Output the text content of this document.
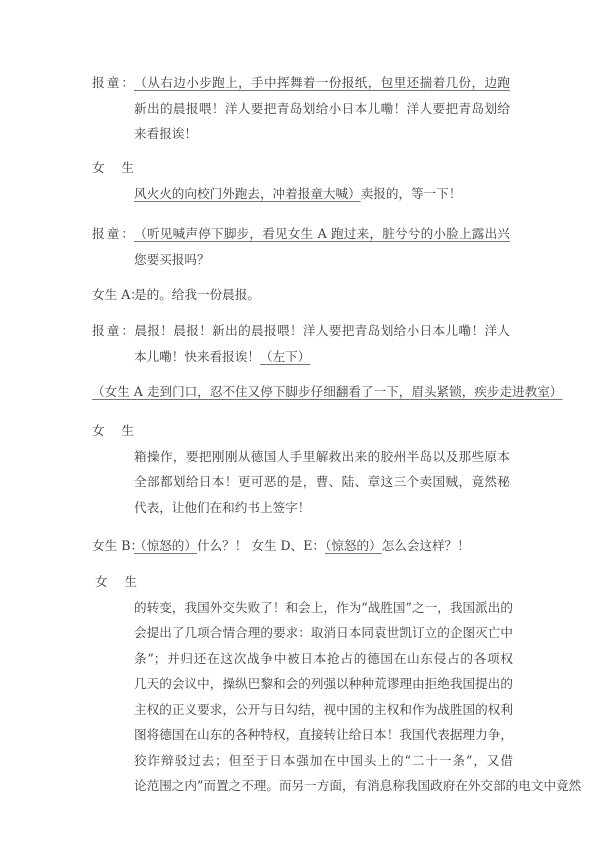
报童：（从右边小步跑上，手中挥舞着一份报纸，包里还揣着几份，边跑
新出的晨报喂！洋人要把青岛划给小日本儿嘞！洋人要把青岛划给
来看报诶！
女生
风火火的向校门外跑去，冲着报童大喊）卖报的，等一下！
报童：（听见喊声停下脚步，看见女生 A 跑过来，脏兮兮的小脸上露出兴
您要买报吗？
女生 A：是的。给我一份晨报。
报童：晨报！晨报！新出的晨报喂！洋人要把青岛划给小日本儿嘞！洋人
本儿嘞！快来看报诶！（左下）
（女生 A 走到门口，忍不住又停下脚步仔细翻看了一下，眉头紧锁，疾步走进教室）
女生
箱操作，要把刚刚从德国人手里解救出来的胶州半岛以及那些原本
全部都划给日本！更可恶的是，曹、陆、章这三个卖国贼，竟然秘
代表，让他们在和约书上签字！
女生 B：（惊怒的）什么？！ 女生 D、E：（惊怒的）怎么会这样？！
女生
的转变，我国外交失败了！和会上，作为“战胜国”之一，我国派出的
会提出了几项合情合理的要求：取消日本同袁世凯订立的企图灭亡中
条”；并归还在这次战争中被日本抢占的德国在山东侵占的各项权
几天的会议中，操纵巴黎和会的列强以种种荒谬理由拒绝我国提出的
主权的正义要求，公开与日勾结，视中国的主权和作为战胜国的权利
图将德国在山东的各种特权，直接转让给日本！我国代表据理力争，
狡诈辩驳过去；但至于日本强加在中国头上的“二十一条”，又借
论范围之内”而置之不理。而另一方面，有消息称我国政府在外交部的电文中竟然
